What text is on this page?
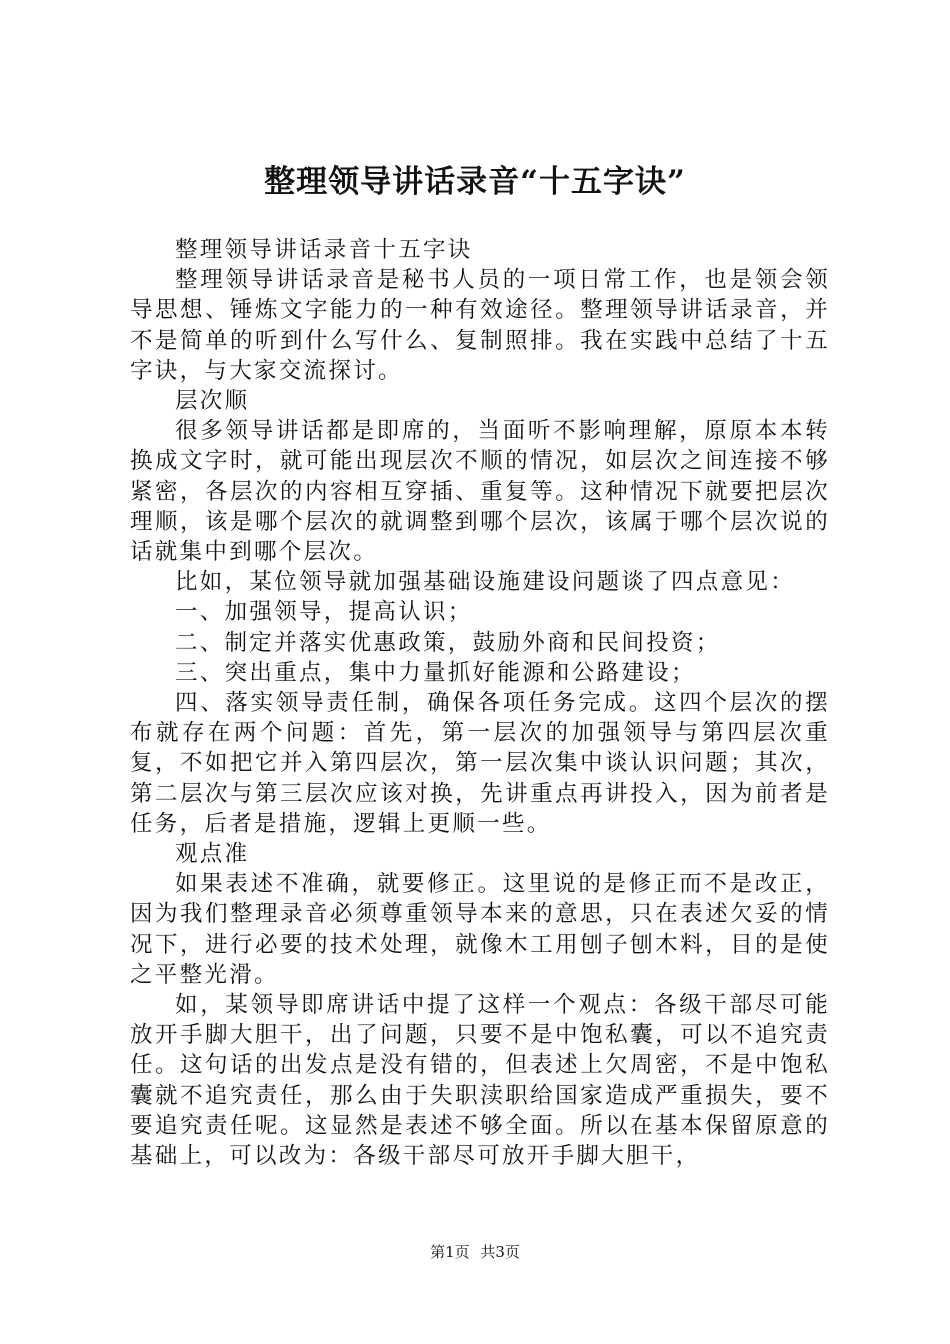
整理领导讲话录音“十五字诀”

整理领导讲话录音十五字诀

整理领导讲话录音是秘书人员的一项日常工作，也是领会领导思想、锤炼文字能力的一种有效途径。整理领导讲话录音，并不是简单的听到什么写什么、复制照排。我在实践中总结了十五字诀，与大家交流探讨。

层次顺

很多领导讲话都是即席的，当面听不影响理解，原原本本转换成文字时，就可能出现层次不顺的情况，如层次之间连接不够紧密，各层次的内容相互穿插、重复等。这种情况下就要把层次理顺，该是哪个层次的就调整到哪个层次，该属于哪个层次说的话就集中到哪个层次。

比如，某位领导就加强基础设施建设问题谈了四点意见：

一、加强领导，提高认识；

二、制定并落实优惠政策，鼓励外商和民间投资；

三、突出重点，集中力量抓好能源和公路建设；

四、落实领导责任制，确保各项任务完成。这四个层次的摆布就存在两个问题：首先，第一层次的加强领导与第四层次重复，不如把它并入第四层次，第一层次集中谈认识问题；其次，第二层次与第三层次应该对换，先讲重点再讲投入，因为前者是任务，后者是措施，逻辑上更顺一些。

观点准

如果表述不准确，就要修正。这里说的是修正而不是改正，因为我们整理录音必须尊重领导本来的意思，只在表述欠妥的情况下，进行必要的技术处理，就像木工用刨子刨木料，目的是使之平整光滑。

如，某领导即席讲话中提了这样一个观点：各级干部尽可能放开手脚大胆干，出了问题，只要不是中饱私囊，可以不追究责任。这句话的出发点是没有错的，但表述上欠周密，不是中饱私囊就不追究责任，那么由于失职渎职给国家造成严重损失，要不要追究责任呢。这显然是表述不够全面。所以在基本保留原意的基础上，可以改为：各级干部尽可放开手脚大胆干，

第1页 共3页
